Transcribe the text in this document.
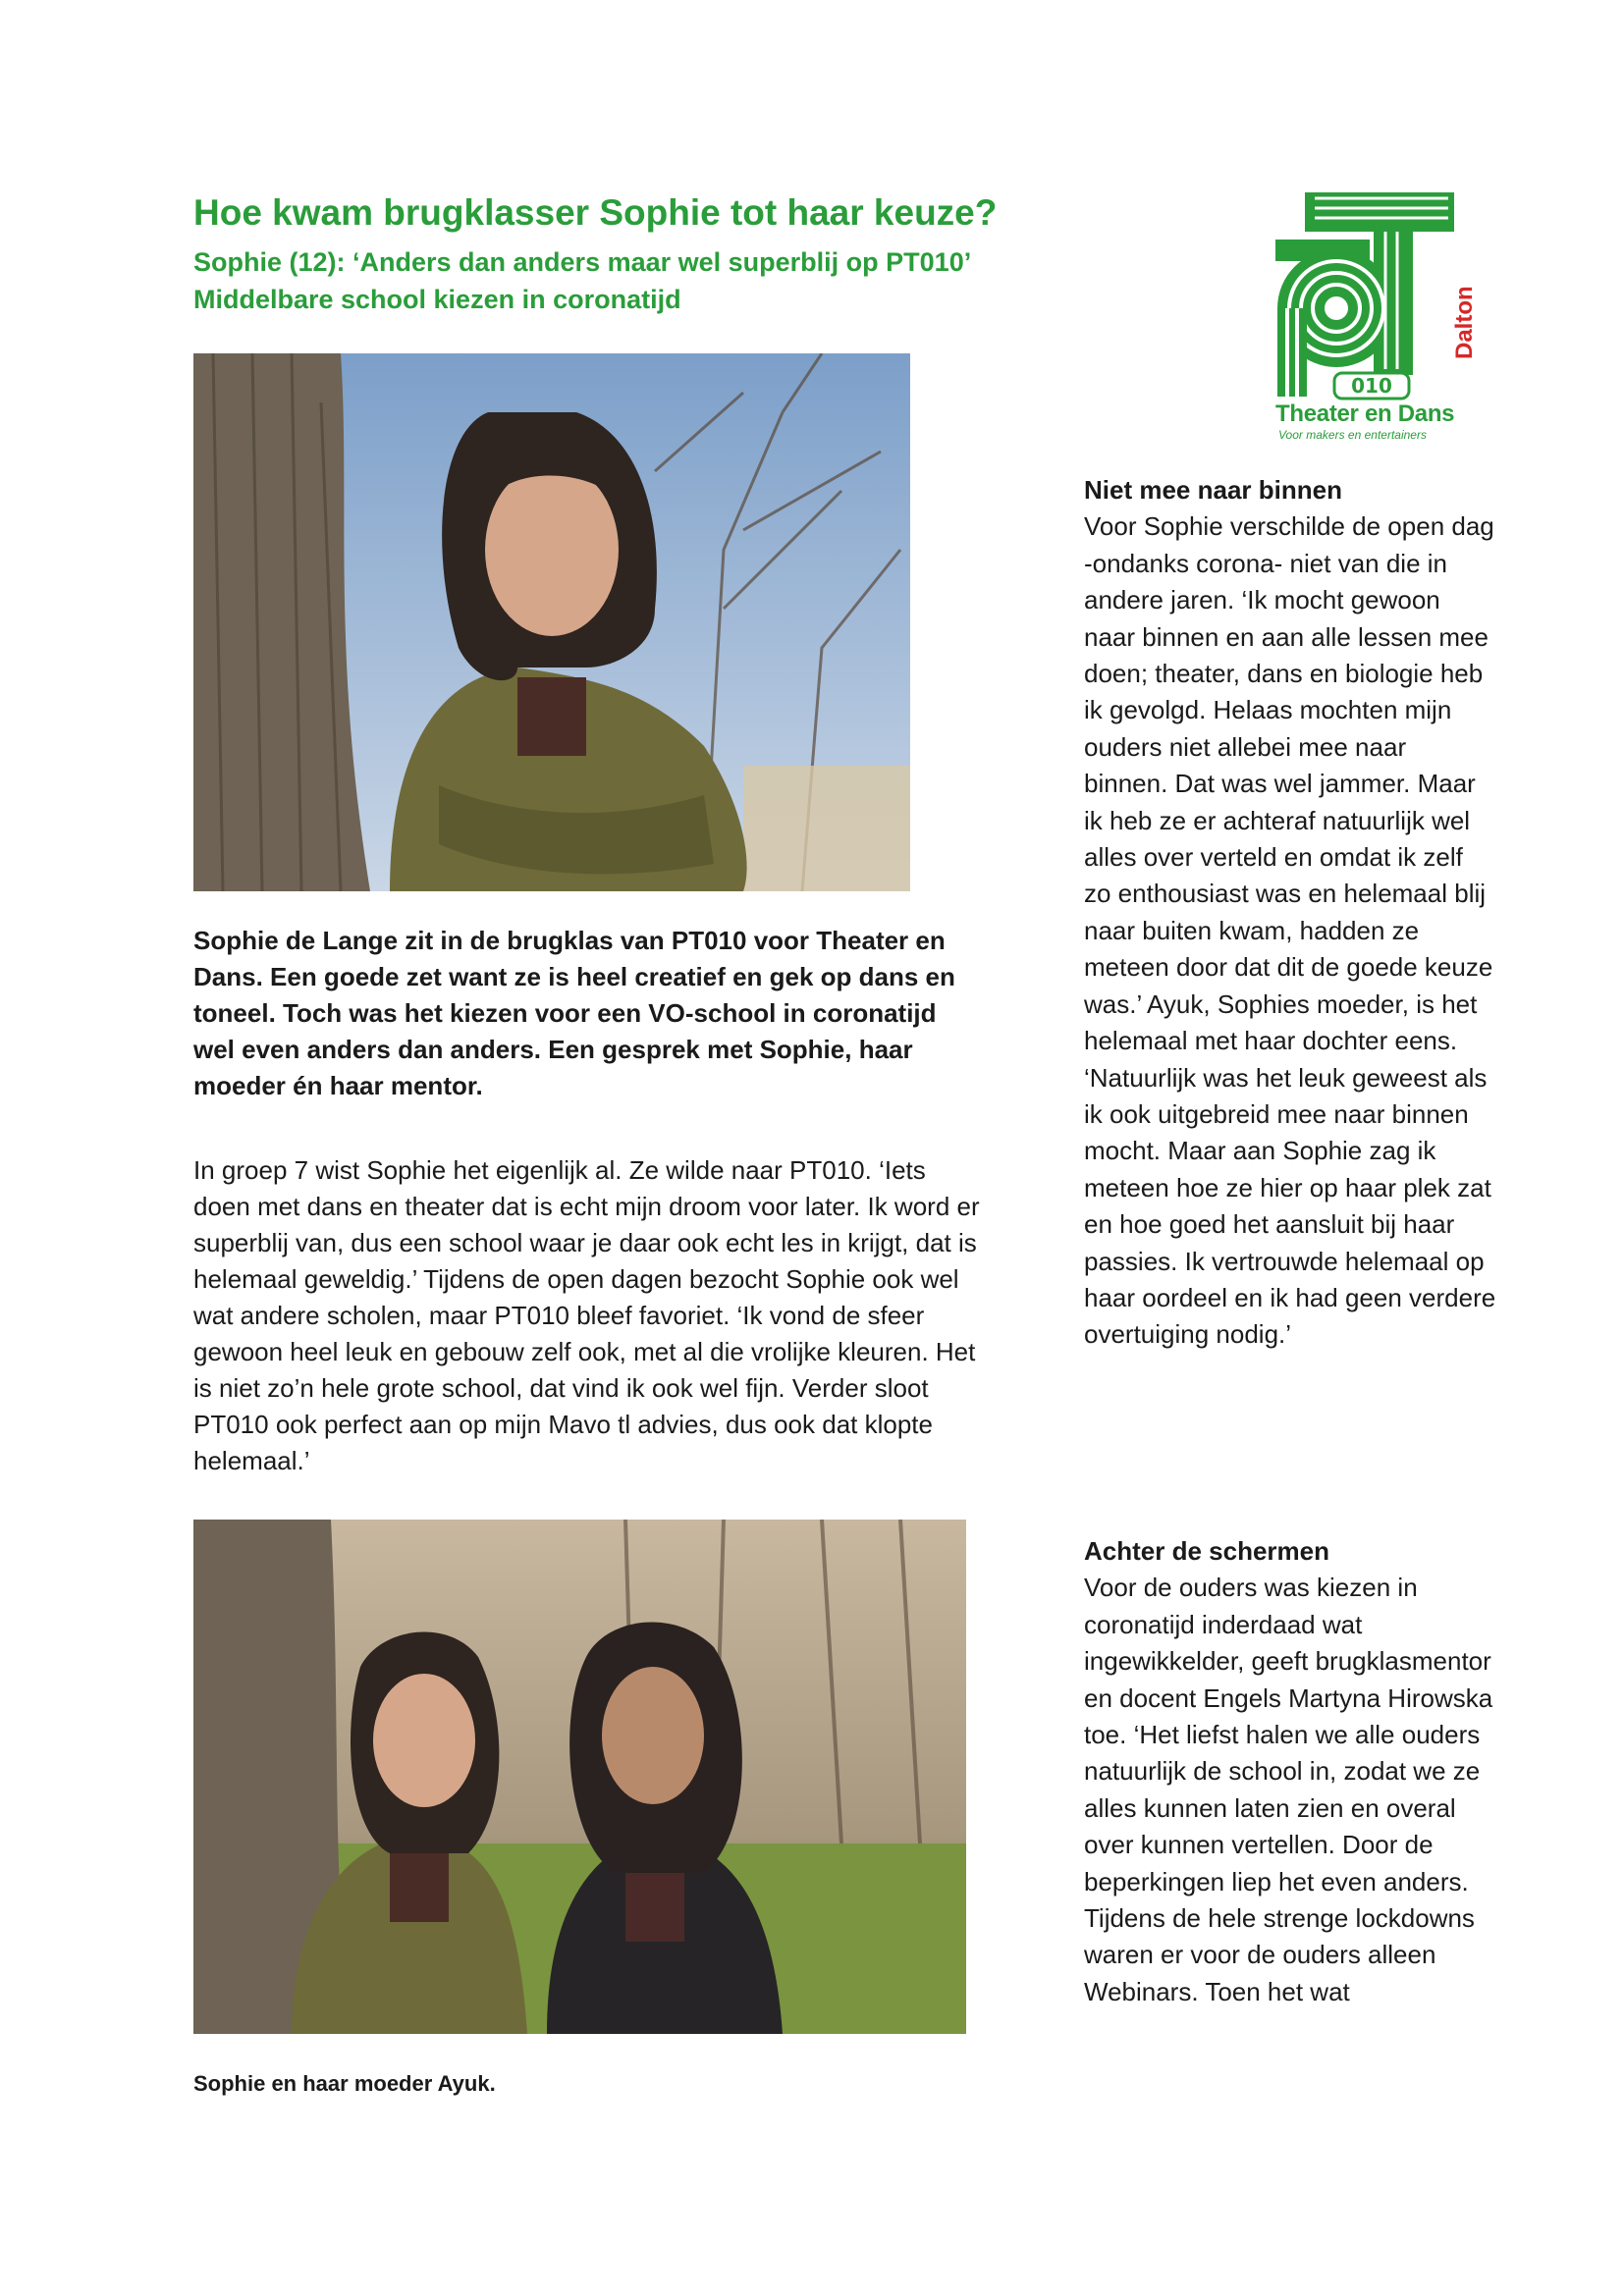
Hoe kwam brugklasser Sophie tot haar keuze?
Sophie (12): ‘Anders dan anders maar wel superblij op PT010’
Middelbare school kiezen in coronatijd
010
Dalton
Theater en Dans
Voor makers en entertainers

Sophie de Lange zit in de brugklas van PT010 voor Theater en Dans. Een goede zet want ze is heel creatief en gek op dans en toneel. Toch was het kiezen voor een VO-school in coronatijd wel even anders dan anders. Een gesprek met Sophie, haar moeder én haar mentor.

In groep 7 wist Sophie het eigenlijk al. Ze wilde naar PT010. ‘Iets doen met dans en theater dat is echt mijn droom voor later. Ik word er superblij van, dus een school waar je daar ook echt les in krijgt, dat is helemaal geweldig.’ Tijdens de open dagen bezocht Sophie ook wel wat andere scholen, maar PT010 bleef favoriet. ‘Ik vond de sfeer gewoon heel leuk en gebouw zelf ook, met al die vrolijke kleuren. Het is niet zo’n hele grote school, dat vind ik ook wel fijn. Verder sloot PT010 ook perfect aan op mijn Mavo tl advies, dus ook dat klopte helemaal.’

Sophie en haar moeder Ayuk.

Niet mee naar binnen

Voor Sophie verschilde de open dag -ondanks corona- niet van die in andere jaren. ‘Ik mocht gewoon naar binnen en aan alle lessen mee doen; theater, dans en biologie heb ik gevolgd. Helaas mochten mijn ouders niet allebei mee naar binnen. Dat was wel jammer. Maar ik heb ze er achteraf natuurlijk wel alles over verteld en omdat ik zelf zo enthousiast was en helemaal blij naar buiten kwam, hadden ze meteen door dat dit de goede keuze was.’ Ayuk, Sophies moeder, is het helemaal met haar dochter eens. ‘Natuurlijk was het leuk geweest als ik ook uitgebreid mee naar binnen mocht. Maar aan Sophie zag ik meteen hoe ze hier op haar plek zat en hoe goed het aansluit bij haar passies. Ik vertrouwde helemaal op haar oordeel en ik had geen verdere overtuiging nodig.’

Achter de schermen

Voor de ouders was kiezen in coronatijd inderdaad wat ingewikkelder, geeft brugklasmentor en docent Engels Martyna Hirowska toe. ‘Het liefst halen we alle ouders natuurlijk de school in, zodat we ze alles kunnen laten zien en overal over kunnen vertellen. Door de beperkingen liep het even anders. Tijdens de hele strenge lockdowns waren er voor de ouders alleen Webinars. Toen het wat
